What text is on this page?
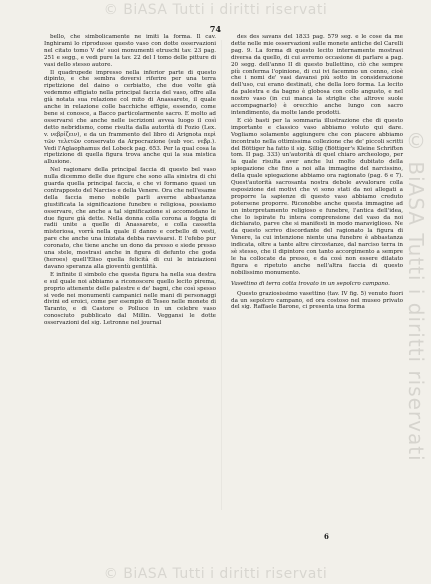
© BiASA Tutti i diritti riservati
© BiASA Tutti i diritti riservati
© BiASA Tutti i diritti riservati
74

bello, che simbolicamente ne imiti la forma. Il cav. Inghirami lo riprodusse questo vaso con dotte osservazioni nel citato tomo V de' suoi monumenti etruschi tav. 23 pag. 251 e segg., e vedi pure la tav. 22 del I tomo delle pitture di vasi dello stesso autore.

Il quadrupede impresso nella inferior parte di questo dipinto, e che sembra doversi riferire per una terra ripetizione del daino o cerbiatto, che due volte già vedemmo effigiato nella principal faccia del vaso, offre alla già notata sua relazione col mito di Anassarete, il quale anche in relazione colle bacchiche effigie, essendo, come bene si conosce, a Bacco particolarmente sacro. E molto ad osservarsi che anche nelle iscrizioni avvea luogo il così detto nebridismo, come risulta dalla autorità di Fozio (Lex. v. νεβρίζειν), e da un frammento del libro di Arignota περὶ τῶν τελετῶν conservato da Arpocrazione (sub voc. νεβρ.). Vedi l'Aglaophamus del Lobeck pag. 653. Per la qual cosa la ripetizione di quella figura trova anche qui la sua mistica allusione.

Nel ragionare della principal faccia di questo bel vaso nulla dicemmo delle due figure che sono alla sinistra di chi guarda quella principal faccia, e che vi formano quasi un contrapposto del Narciso e della Venere. Ora che nell'esame della faccia meno nobile parli averne abbastanza giustificata la significazione funebre e religiosa, possiamo osservare, che anche a tal significazione si accomodano le due figure già dette. Nella donna colla corona a foggia di radii unite a quelle di Anassarete, e colla cassetta misteriosa, vorrà nella quale il danno e corbello di vesti, pare che anche una iniziata debba ravvisarsi. E l'efebo pur coronato, che tiene anche un dono da presso e siede presso una stele, mostrasi anche in figura di defunto che goda (heroes) quell'Eliso quella felicità di cui le iniziazioni davano speranza alla gioventù gentilità.

E infinite il simbolo che questa figura ha nella sua destra e sul quale noi abbiamo a riconoscere quello lecito pirema, proprio attenente delle palestre e de' bagni, che così spesso si vede nei monumenti campanici nelle mani di personaggi divini ed eroici, come per esempio di Teseo nelle monete di Taranto, e di Castore o Polluce in un celebre vaso conosciuto pubblicato dal Millin. Veggansi le dotte osservazioni del sig. Letronne nel journal

des des savans del 1833 pag. 579 seg. e le cose da me dette nelle mie osservazioni sulle monete antiche del Carelli pag. 9. La forma di questo lecito internamente mostrasi diversa da quello, di cui avremo occasione di parlare a pag. 20 segg. dell'anno II di questo bullettino, ciò che sempre più conferma l'opinione, di cui ivi facemmo un cenno, cioè che i nomi de' vasi davansi più sotto in considerazione dell'uso, cui erano destinati, che della loro forma. La lecito da palestra e da bagno è globosa con collo angusto, e nel nostro vaso (in cui manca la striglie che altrove suole accompagnarlo) è orecchio anche lungo con sacro intendimento, da molte lande prodotti.

E ciò basti per la sommaria illustrazione che di questo importante e classico vaso abbiamo voluto qui dare. Vogliamo solamente aggiungere che con piacere abbiamo incontrato nella ottimissima collezione che de' piccoli scritti del Böttiger ha fatto il sig. Sillig (Böttiger's Kleine Schriften tom. II pag. 333) un'autorità di quel chiaro archeologo, per la quale risulta aver anche lui molto dubitato della spiegazione che fino a noi alla immagine del narcissino, della quale spiegazione abbiamo ora ragionato (pag. 6 e 7). Quest'autorità sacrosanta nostra debole avvalorare colla esposizione dei motivi che vi sono stati da noi allegati a proporre la sapienze di questo vaso abbiamo creduto potersene proporre. Riconobbe anche questa immagine ad un interpretamento religioso e funebre, l'antica dell'idea, che lo ispirate fu intera comprensione del vaso da noi dichiarato, parve che si manifesti in modo maraviglioso. Ne da questo scrivo discordante del ragionato la figura di Venere, la cui intenzione niente una funebre è abbastanza indicata, oltre a tante altre circostanze, dal narciso terra in sè stesso, che il dipintore con tanto accorgimento a sempre le ha collocate da presso, e da così non essere dilatato figura e ripetuto anche nell'altra faccia di questo nobilissimo monumento.

Vasettino di terra cotta trovato in un sepolcro campano.

Questo graziosissimo vasettino (tav. IV fig. 5) venuto fuori da un sepolcro campano, ed ora costoso nel museo privato del sig. Raffaele Barone, ci presenta una forma

6
